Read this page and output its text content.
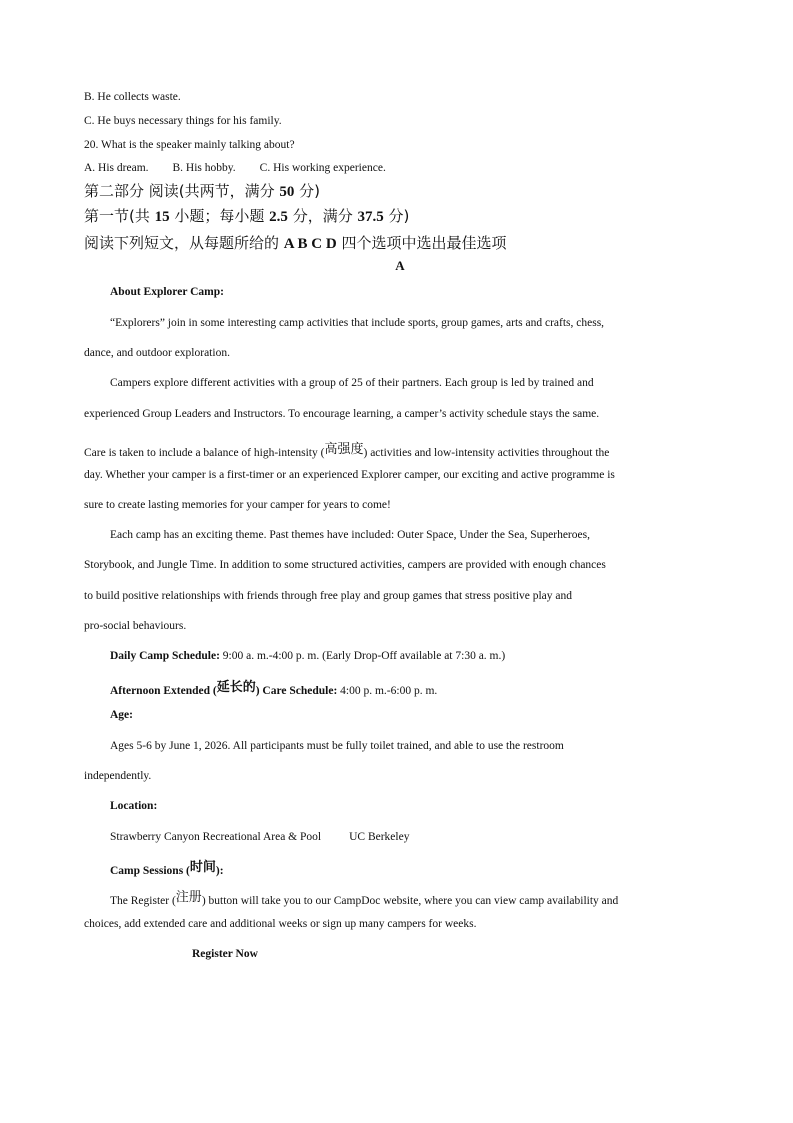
B. He collects waste.
C. He buys necessary things for his family.
20. What is the speaker mainly talking about?
A. His dream. B. His hobby. C. His working experience.
第二部分 阅读(共两节，满分 50 分)
第一节(共 15 小题；每小题 2.5 分，满分 37.5 分)
阅读下列短文，从每题所给的 A B C D 四个选项中选出最佳选项
A
About Explorer Camp:
“Explorers” join in some interesting camp activities that include sports, group games, arts and crafts, chess,
dance, and outdoor exploration.
Campers explore different activities with a group of 25 of their partners. Each group is led by trained and
experienced Group Leaders and Instructors. To encourage learning, a camper’s activity schedule stays the same.
Care is taken to include a balance of high-intensity (高强度) activities and low-intensity activities throughout the
day. Whether your camper is a first-timer or an experienced Explorer camper, our exciting and active programme is
sure to create lasting memories for your camper for years to come!
Each camp has an exciting theme. Past themes have included: Outer Space, Under the Sea, Superheroes,
Storybook, and Jungle Time. In addition to some structured activities, campers are provided with enough chances
to build positive relationships with friends through free play and group games that stress positive play and
pro-social behaviours.
Daily Camp Schedule: 9:00 a. m.-4:00 p. m. (Early Drop-Off available at 7:30 a. m.)
Afternoon Extended (延长的) Care Schedule: 4:00 p. m.-6:00 p. m.
Age:
Ages 5-6 by June 1, 2026. All participants must be fully toilet trained, and able to use the restroom
independently.
Location:
Strawberry Canyon Recreational Area & Pool UC Berkeley
Camp Sessions (时间):
The Register (注册) button will take you to our CampDoc website, where you can view camp availability and
choices, add extended care and additional weeks or sign up many campers for weeks.
Register Now
